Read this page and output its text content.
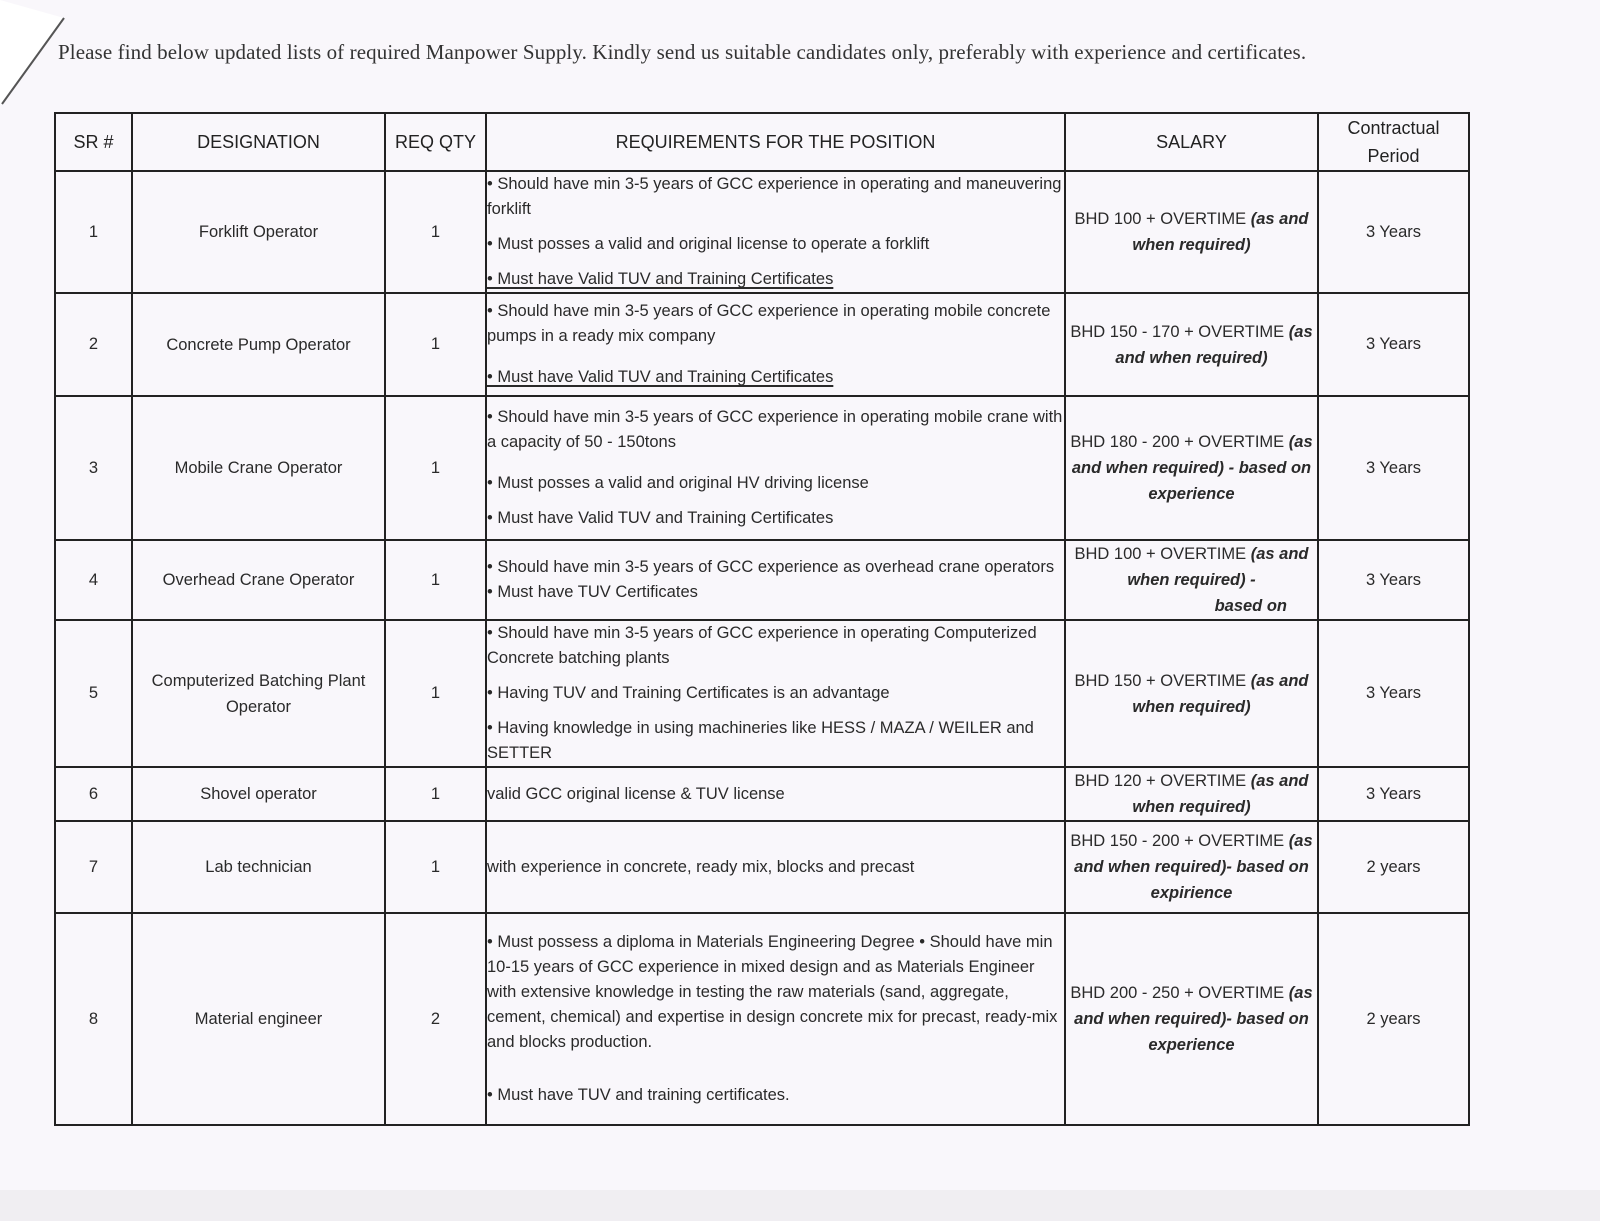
Please find below updated lists of required Manpower Supply. Kindly send us suitable candidates only, preferably with experience and certificates.
SR #	DESIGNATION	REQ QTY	REQUIREMENTS FOR THE POSITION	SALARY	Contractual
Period

1	Forklift Operator	1	• Should have min 3-5 years of GCC experience in operating and maneuvering forklift
• Must posses a valid and original license to operate a forklift
• Must have Valid TUV and Training Certificates	BHD 100 + OVERTIME (as and when required)	3 Years
2	Concrete Pump Operator	1	• Should have min 3-5 years of GCC experience in operating mobile concrete pumps in a ready mix company
• Must have Valid TUV and Training Certificates	BHD 150 - 170 + OVERTIME (as and when required)	3 Years
3	Mobile Crane Operator	1	• Should have min 3-5 years of GCC experience in operating mobile crane with a capacity of 50 - 150tons
• Must posses a valid and original HV driving license
• Must have Valid TUV and Training Certificates	BHD 180 - 200 + OVERTIME (as and when required) - based on experience	3 Years
4	Overhead Crane Operator	1	• Should have min 3-5 years of GCC experience as overhead crane operators
• Must have TUV Certificates	BHD 100 + OVERTIME (as and when required) -
based on	3 Years
5	Computerized Batching Plant Operator	1	• Should have min 3-5 years of GCC experience in operating Computerized Concrete batching plants
• Having TUV and Training Certificates is an advantage
• Having knowledge in using machineries like HESS / MAZA / WEILER and SETTER	BHD 150 + OVERTIME (as and when required)	3 Years
6	Shovel operator	1	valid GCC original license & TUV license	BHD 120 + OVERTIME (as and when required)	3 Years
7	Lab technician	1	with experience in concrete, ready mix, blocks and precast	BHD 150 - 200 + OVERTIME (as and when required)- based on expirience	2 years
8	Material engineer	2	• Must possess a diploma in Materials Engineering Degree • Should have min 10-15 years of GCC experience in mixed design and as Materials Engineer with extensive knowledge in testing the raw materials (sand, aggregate, cement, chemical) and expertise in design concrete mix for precast, ready-mix and blocks production.
• Must have TUV and training certificates.	BHD 200 - 250 + OVERTIME (as and when required)- based on experience	2 years
